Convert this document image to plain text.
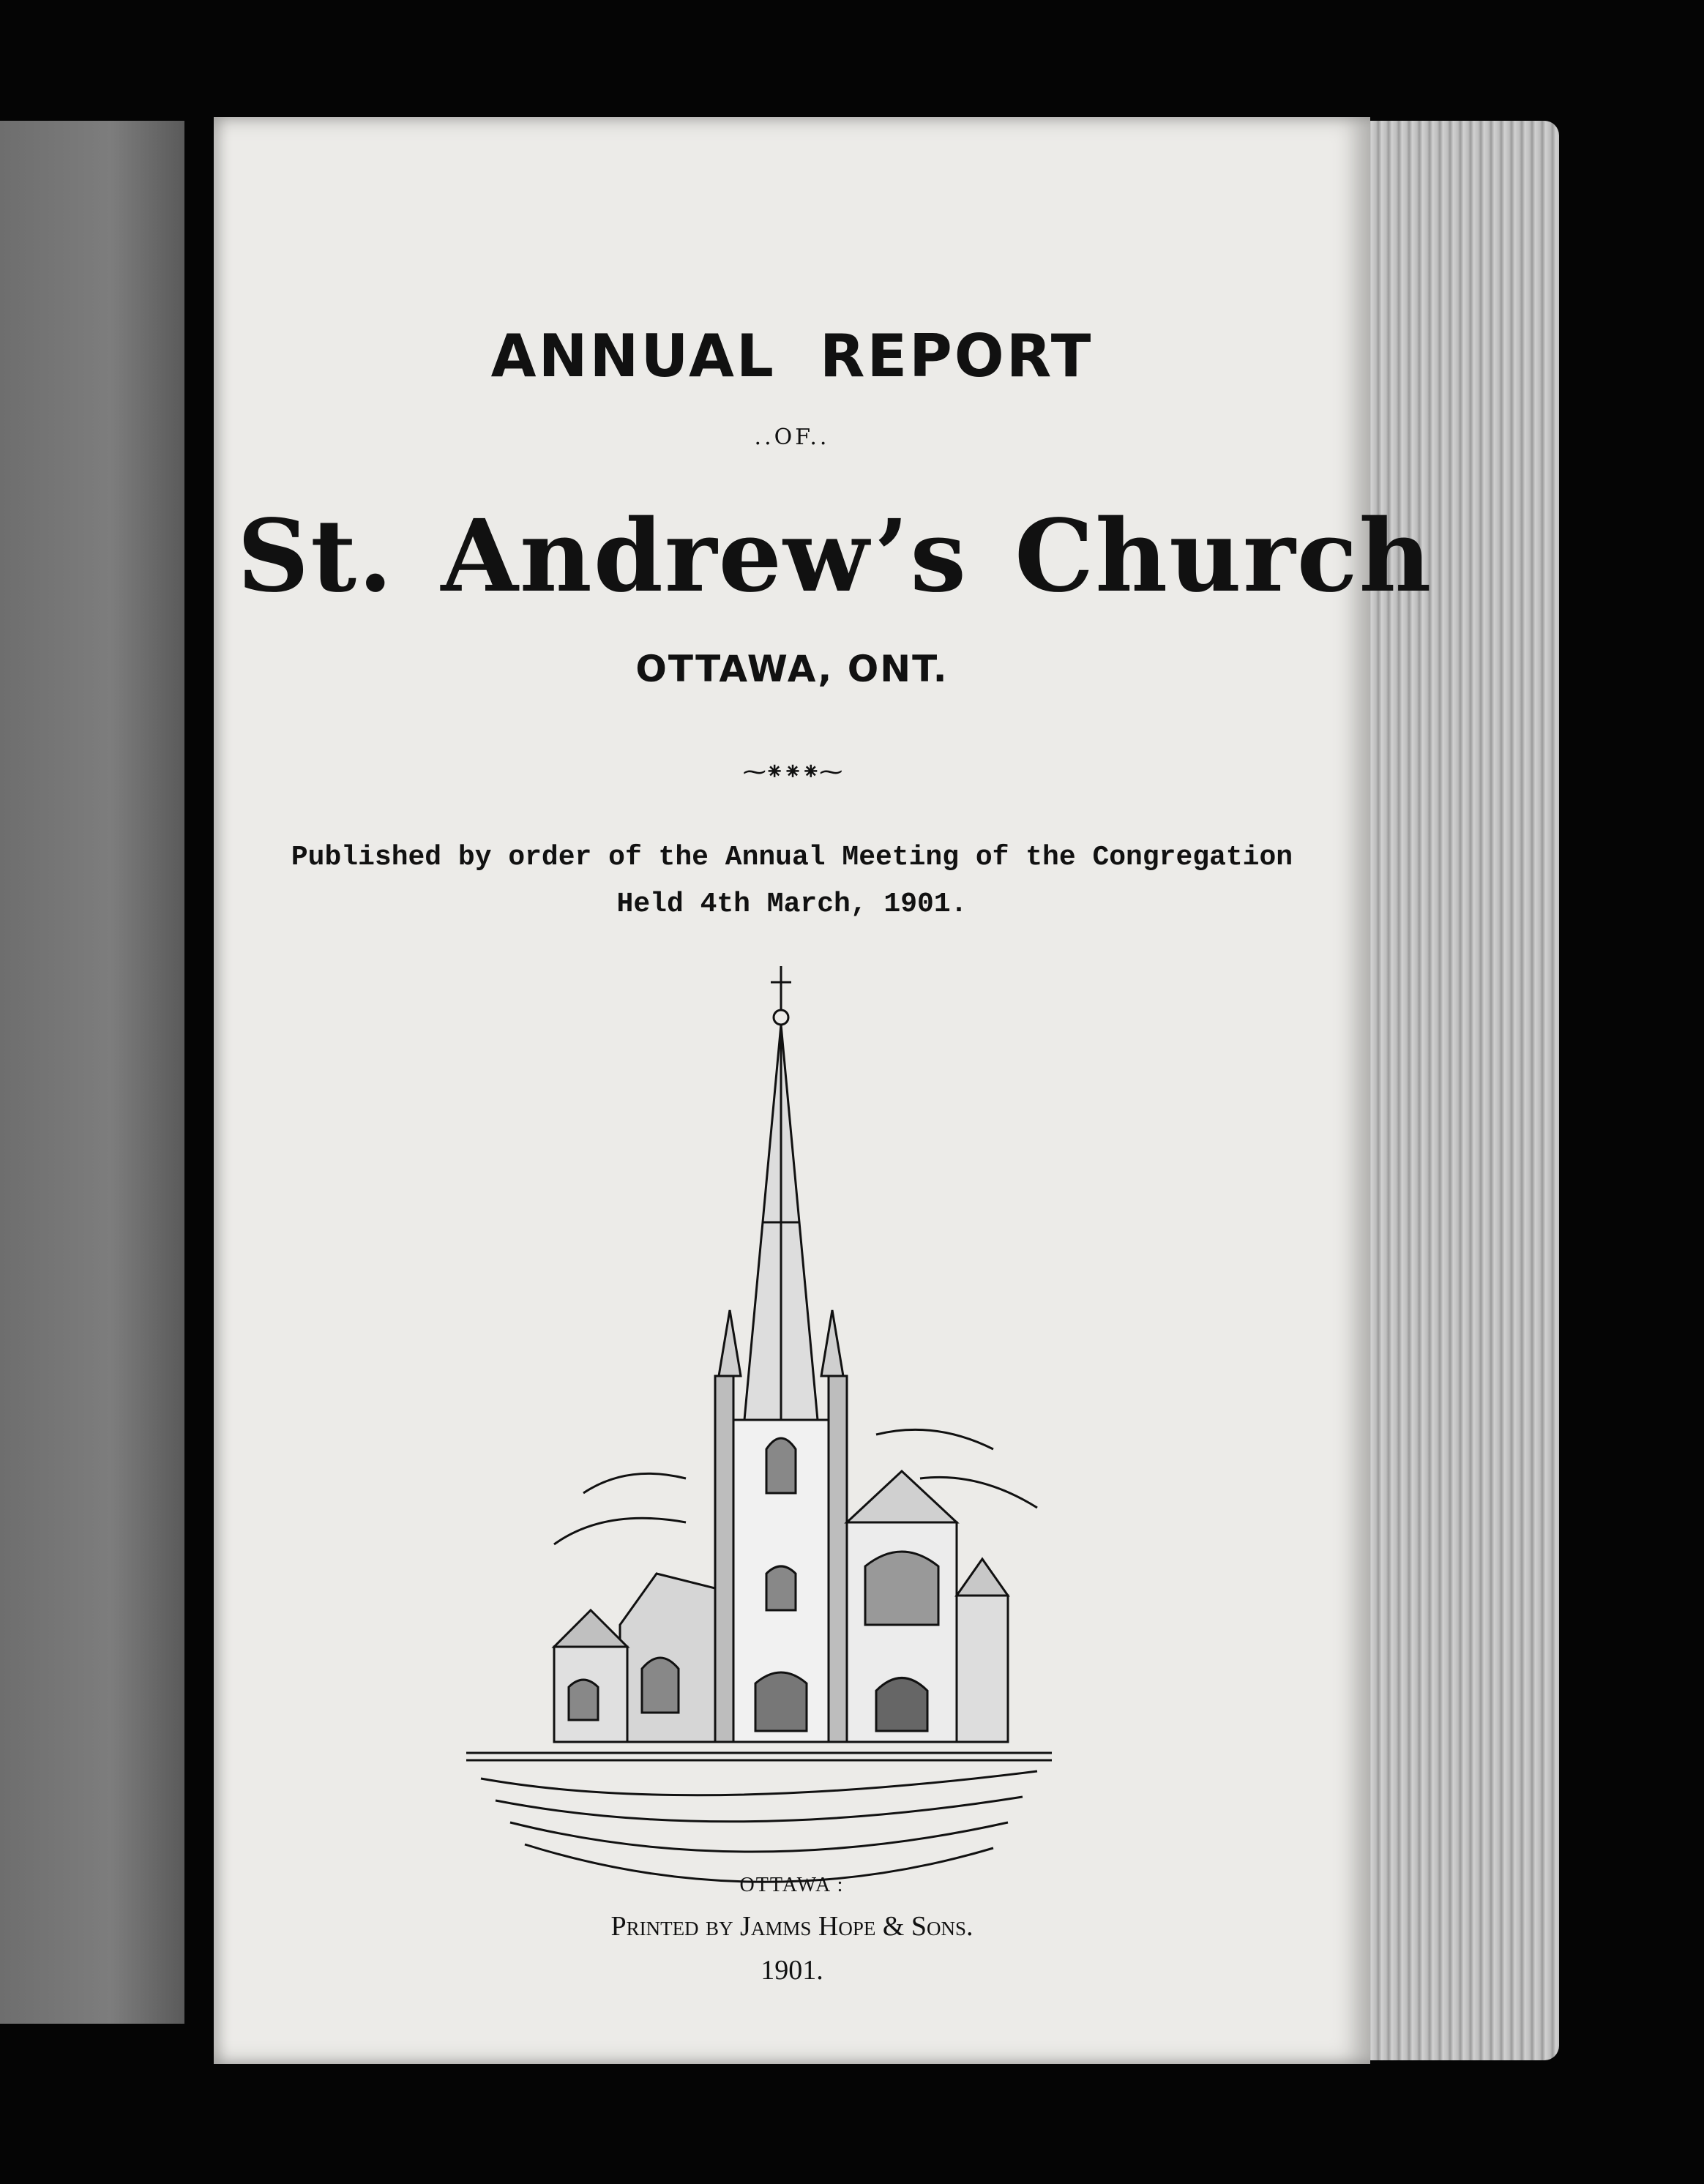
ANNUAL REPORT
..OF..
St. Andrew’s Church
OTTAWA, ONT.
⁓⁕⁕⁕⁓
Published by order of the Annual Meeting of the Congregation
Held 4th March, 1901.
OTTAWA :
Printed by Jamms Hope & Sons.
1901.
